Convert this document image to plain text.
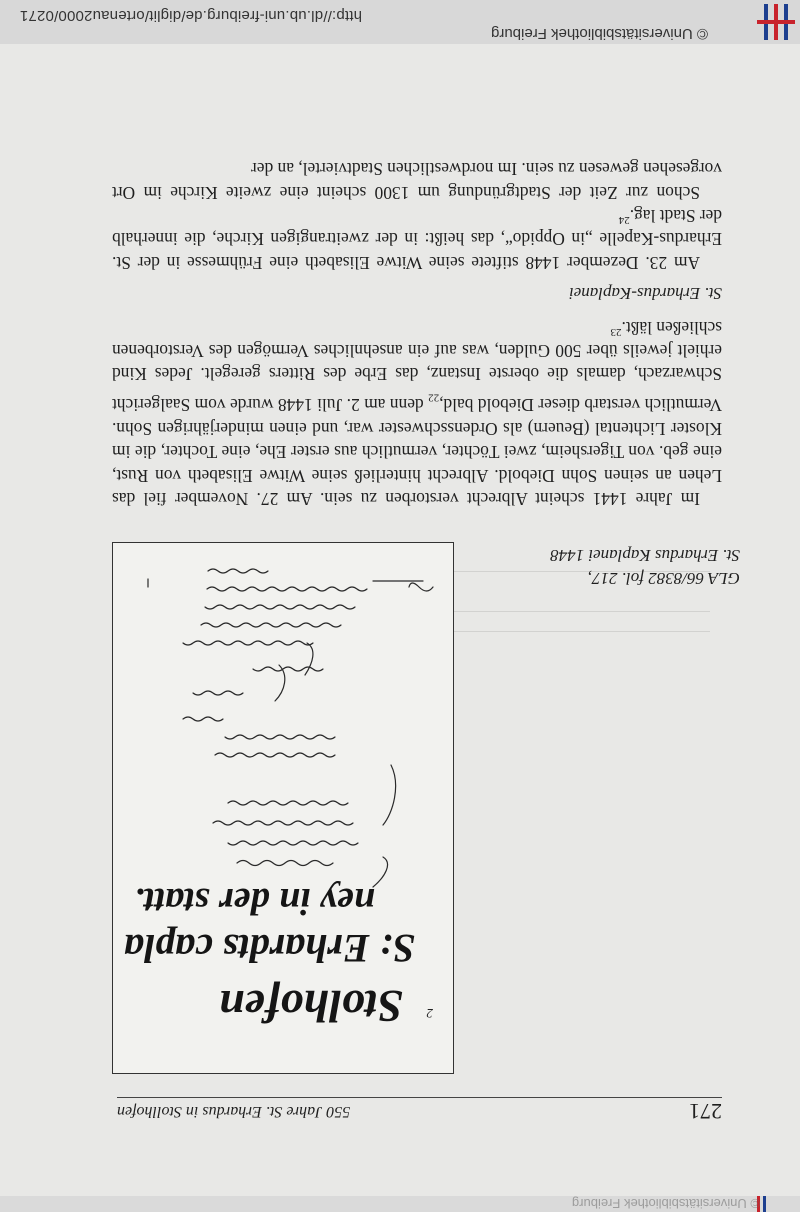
© Universitätsbibliothek Freiburg
271
550 Jahre St. Erhardus in Stollhofen
2
Stolhofen
S: Erhardts capla
ney in der statt.
GLA 66/8382 fol. 217,
St. Erhardus Kaplanei 1448

Im Jahre 1441 scheint Albrecht verstorben zu sein. Am 27. November fiel das Lehen an seinen Sohn Diebold. Albrecht hinterließ seine Witwe Elisabeth von Rust, eine geb. von Tigersheim, zwei Töchter, vermutlich aus erster Ehe, eine Tochter, die im Kloster Lichtental (Beuern) als Ordensschwester war, und einen minderjährigen Sohn. Vermutlich verstarb dieser Diebold $bald,_{22}$ denn am 2. Juli 1448 wurde vom Saalgericht Schwarzach, damals die oberste Instanz, das Erbe des Ritters geregelt. Jedes Kind erhielt jeweils über 500 Gulden, was auf ein ansehnliches Vermögen des Verstorbenen schließen läßt.$^{23}$

St. Erhardus-Kaplanei

Am 23. Dezember 1448 stiftete seine Witwe Elisabeth eine Frühmesse in der St. Erhardus-Kapelle „in Oppido“, das heißt: in der zweitrangigen Kirche, die innerhalb der Stadt lag.$^{24}$

Schon zur Zeit der Stadtgründung um 1300 scheint eine zweite Kirche im Ort vorgesehen gewesen zu sein. Im nordwestlichen Stadtviertel, an der

© Universitätsbibliothek Freiburg
http://dl.ub.uni-freiburg.de/diglit/ortenau2000/0271
